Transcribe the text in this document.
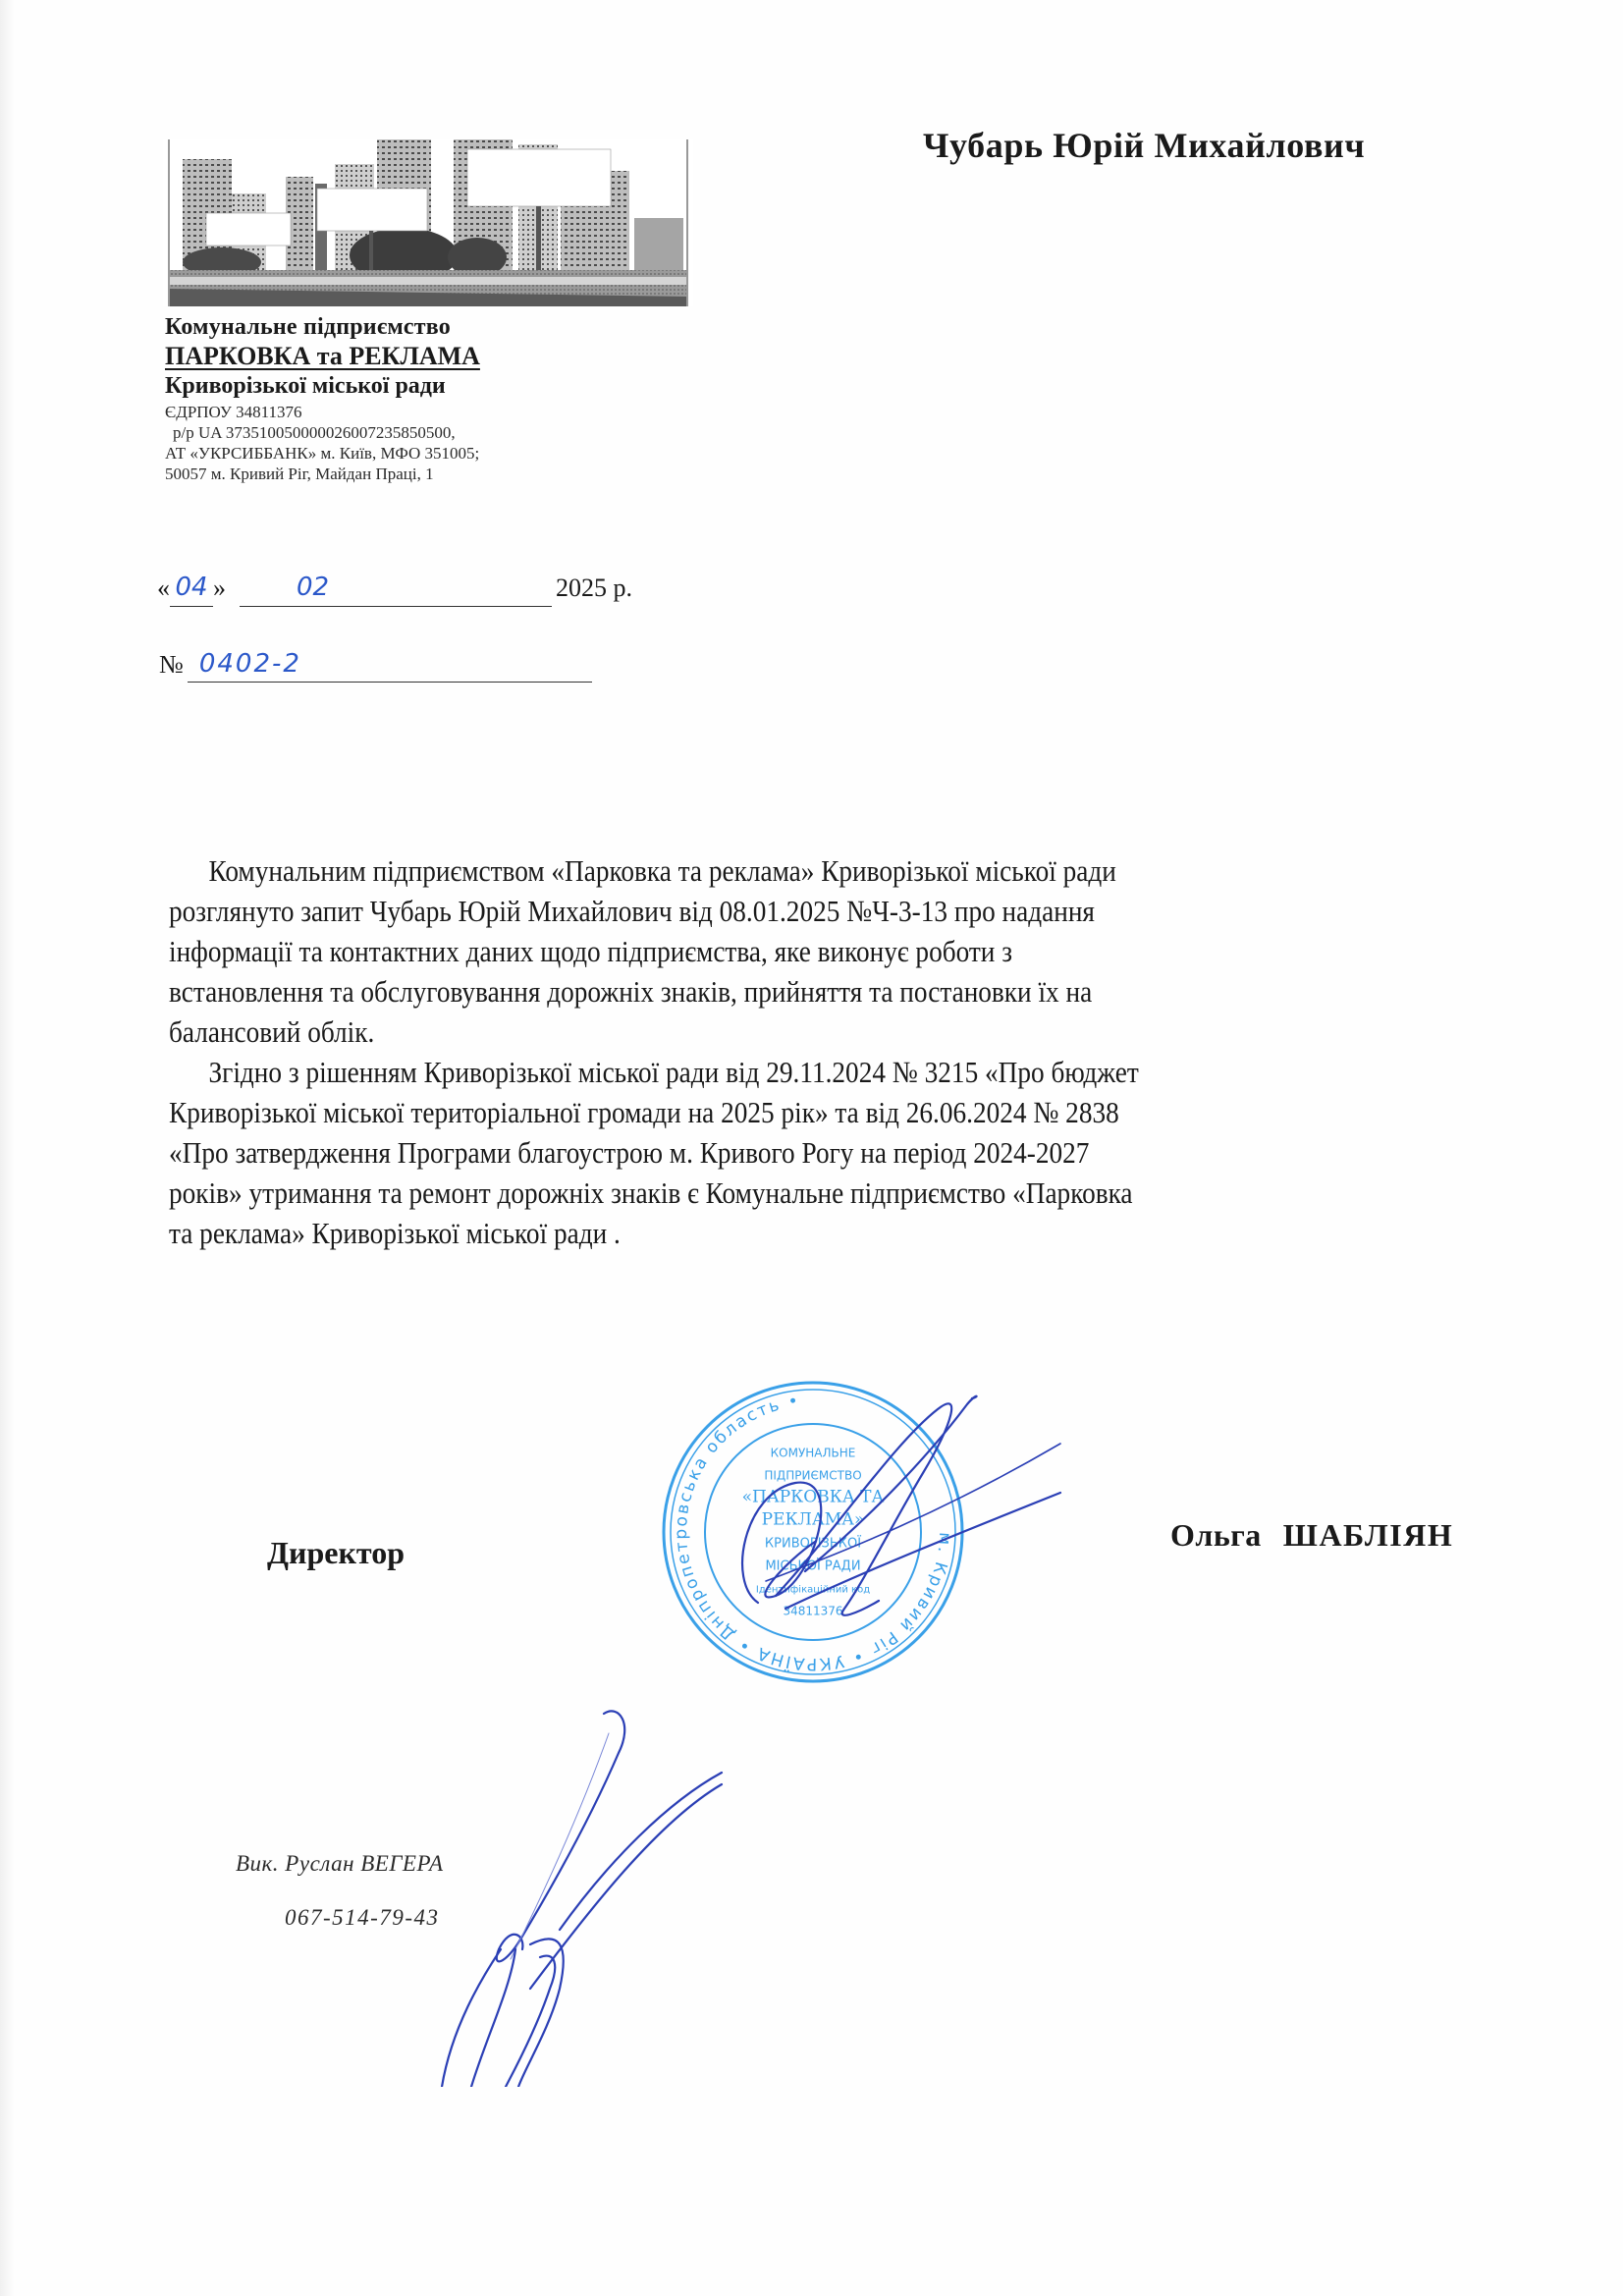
Комунальне підприємство
ПАРКОВКА та РЕКЛАМА
Криворізької міської ради
ЄДРПОУ 34811376
р/р UA 373510050000026007235850500,
АТ «УКРСИББАНК» м. Київ, МФО 351005;
50057 м. Кривий Ріг, Майдан Праці, 1
Чубарь Юрій Михайлович
« 04 »	02	2025 р.
№ 0402-2

Комунальним підприємством «Парковка та реклама» Криворізької міської ради
розглянуто запит Чубарь Юрій Михайлович від 08.01.2025 №Ч-3-13 про надання
інформації та контактних даних щодо підприємства, яке виконує роботи з
встановлення та обслуговування дорожніх знаків, прийняття та постановки їх на
балансовий облік.

Згідно з рішенням Криворізької міської ради від 29.11.2024 № 3215 «Про бюджет
Криворізької міської територіальної громади на 2025 рік» та від 26.06.2024 № 2838
«Про затвердження Програми благоустрою м. Кривого Рогу на період 2024-2027
років» утримання та ремонт дорожніх знаків є Комунальне підприємство «Парковка
та реклама» Криворізької міської ради .

Директор	Ольга ШАБЛІЯН
м. Кривий Ріг • УКРАЇНА • Дніпропетровська область •
КОМУНАЛЬНЕ
ПІДПРИЄМСТВО
«ПАРКОВКА ТА
РЕКЛАМА»
КРИВОРІЗЬКОЇ
МІСЬКОЇ РАДИ
Ідентифікаційний код
34811376
Вик. Руслан ВЕГЕРА
067-514-79-43
